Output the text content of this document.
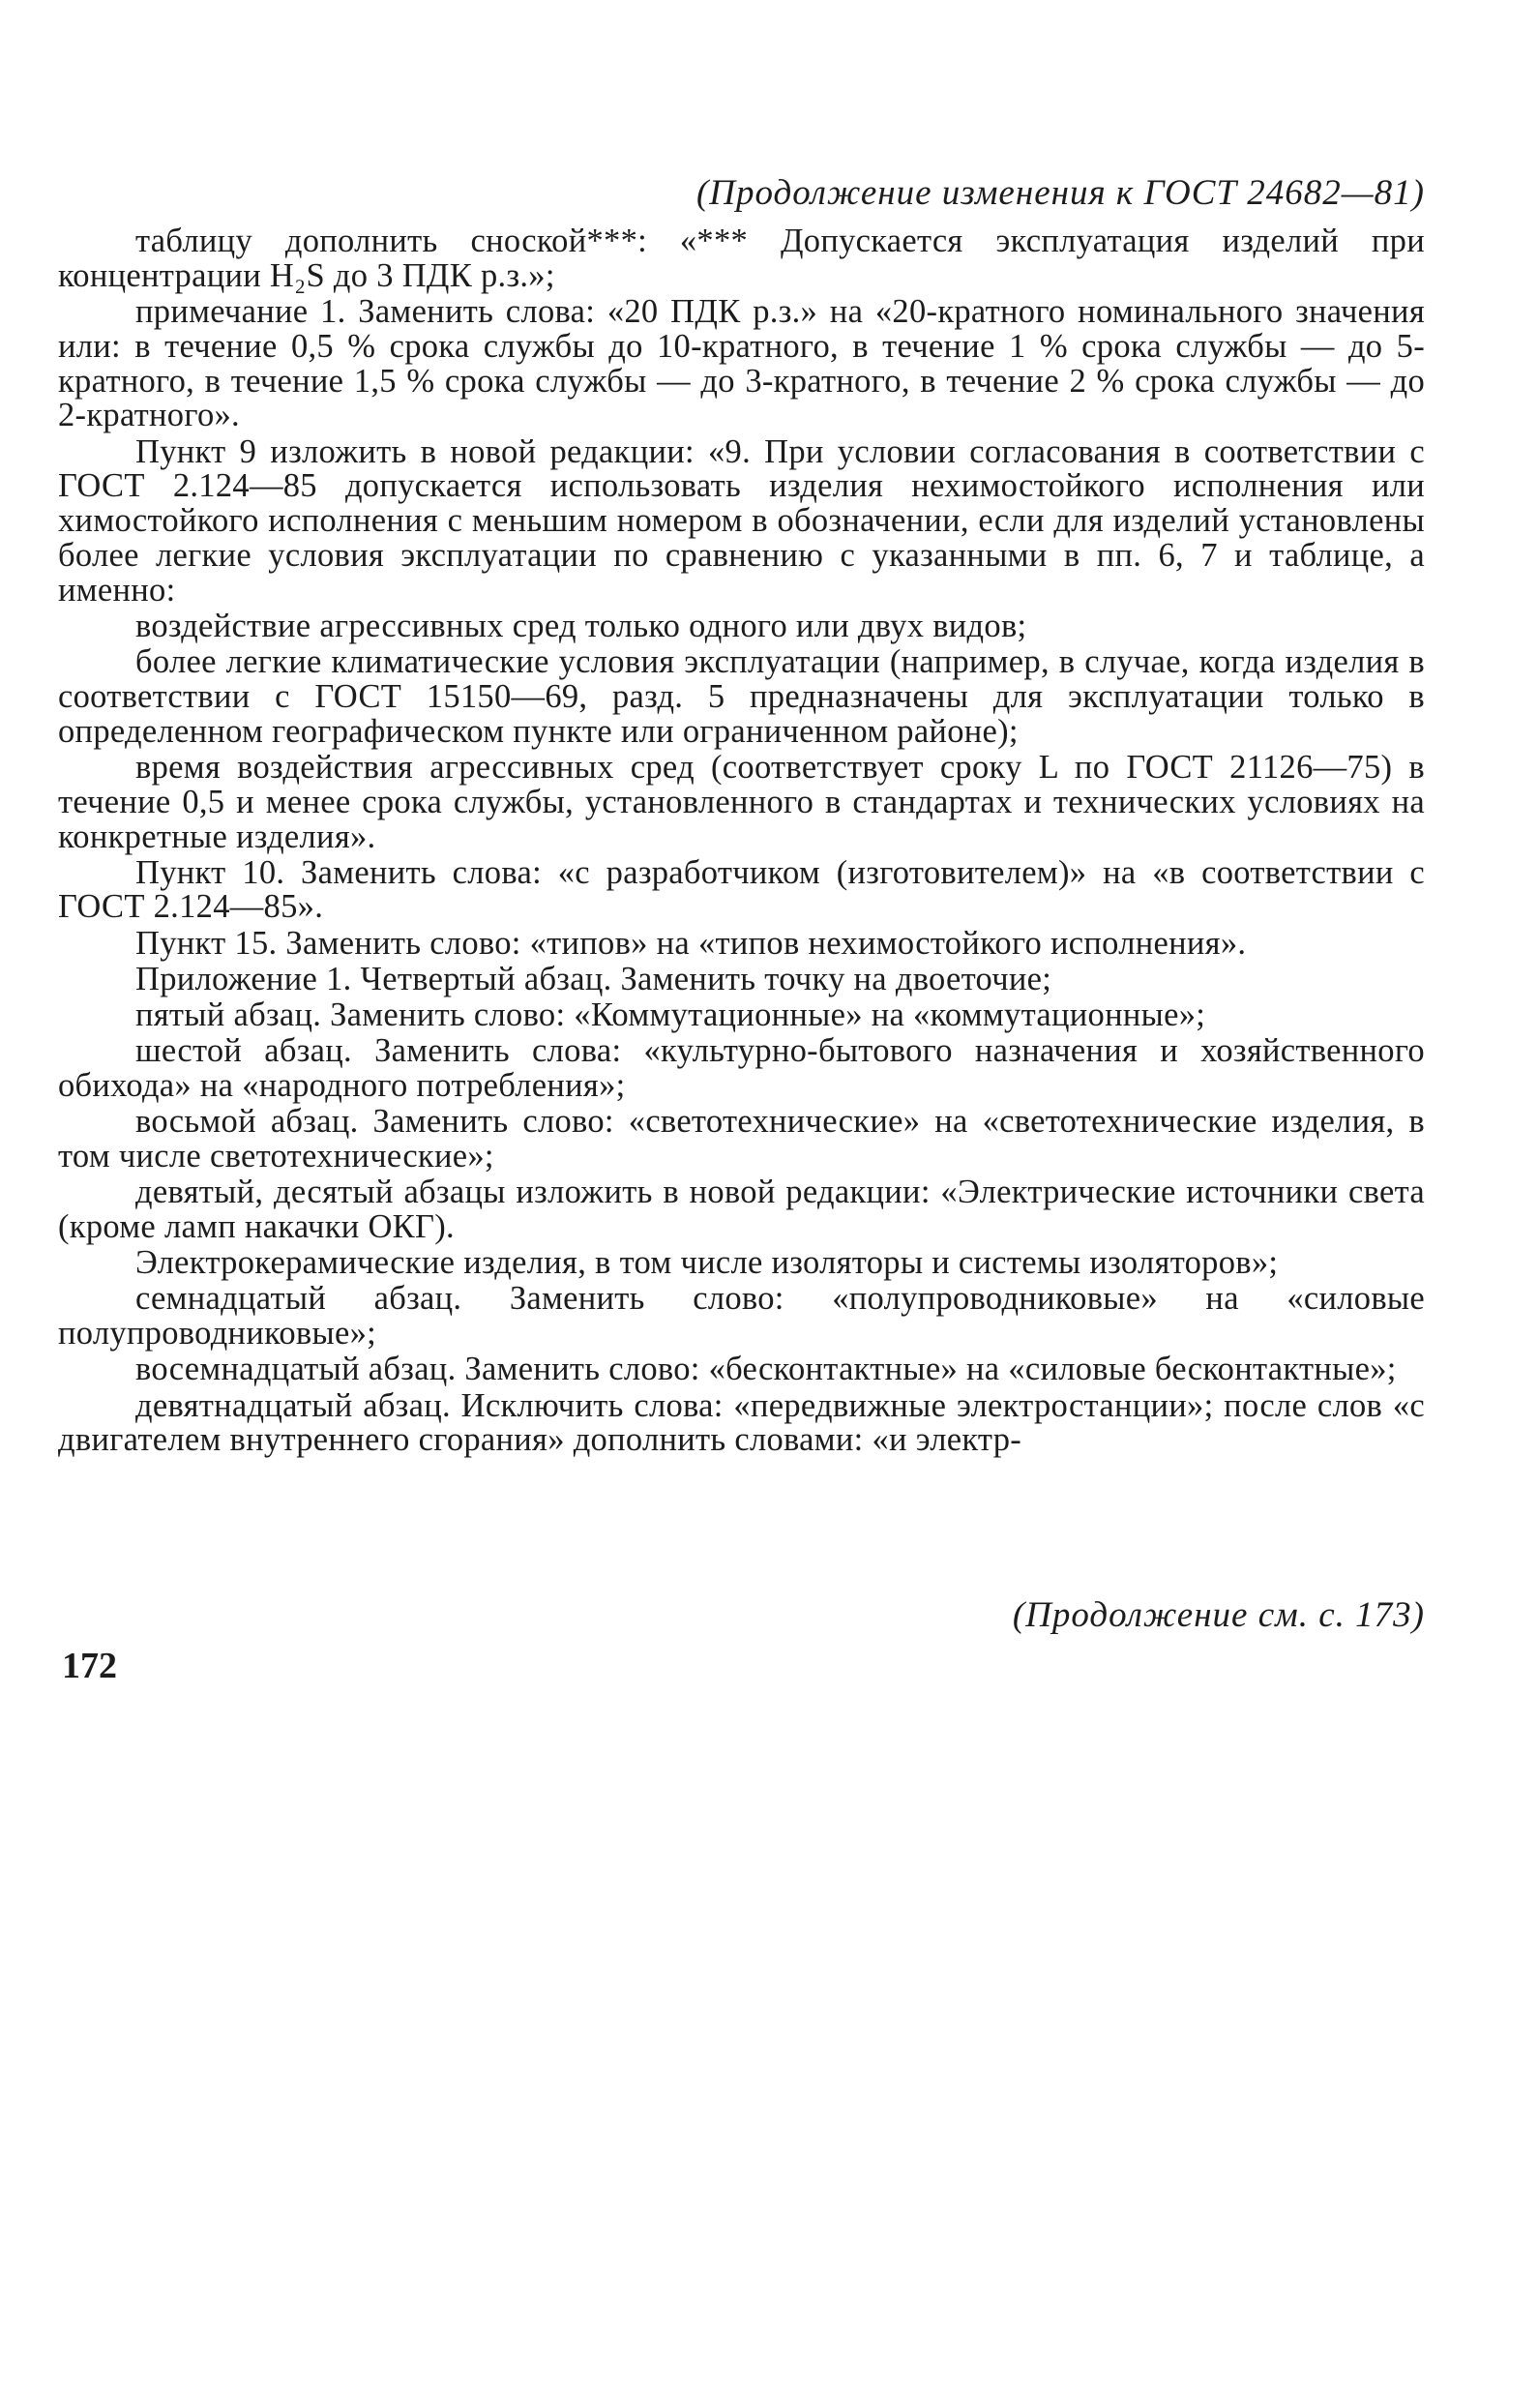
(Продолжение изменения к ГОСТ 24682—81)

таблицу дополнить сноской***: «*** Допускается эксплуатация изделий при концентрации H₂S до 3 ПДК р.з.»;

примечание 1. Заменить слова: «20 ПДК р.з.» на «20-кратного номинального значения или: в течение 0,5 % срока службы до 10-кратного, в течение 1 % срока службы — до 5-кратного, в течение 1,5 % срока службы — до 3-кратного, в течение 2 % срока службы — до 2-кратного».

Пункт 9 изложить в новой редакции: «9. При условии согласования в соответствии с ГОСТ 2.124—85 допускается использовать изделия нехимостойкого исполнения или химостойкого исполнения с меньшим номером в обозначении, если для изделий установлены более легкие условия эксплуатации по сравнению с указанными в пп. 6, 7 и таблице, а именно:

воздействие агрессивных сред только одного или двух видов;

более легкие климатические условия эксплуатации (например, в случае, когда изделия в соответствии с ГОСТ 15150—69, разд. 5 предназначены для эксплуатации только в определенном географическом пункте или ограниченном районе);

время воздействия агрессивных сред (соответствует сроку L по ГОСТ 21126—75) в течение 0,5 и менее срока службы, установленного в стандартах и технических условиях на конкретные изделия».

Пункт 10. Заменить слова: «с разработчиком (изготовителем)» на «в соответствии с ГОСТ 2.124—85».

Пункт 15. Заменить слово: «типов» на «типов нехимостойкого исполнения».

Приложение 1. Четвертый абзац. Заменить точку на двоеточие;

пятый абзац. Заменить слово: «Коммутационные» на «коммутационные»;

шестой абзац. Заменить слова: «культурно-бытового назначения и хозяйственного обихода» на «народного потребления»;

восьмой абзац. Заменить слово: «светотехнические» на «светотехнические изделия, в том числе светотехнические»;

девятый, десятый абзацы изложить в новой редакции: «Электрические источники света (кроме ламп накачки ОКГ).

Электрокерамические изделия, в том числе изоляторы и системы изоляторов»;

семнадцатый абзац. Заменить слово: «полупроводниковые» на «силовые полупроводниковые»;

восемнадцатый абзац. Заменить слово: «бесконтактные» на «силовые бесконтактные»;

девятнадцатый абзац. Исключить слова: «передвижные электростанции»; после слов «с двигателем внутреннего сгорания» дополнить словами: «и электр-

(Продолжение см. с. 173)
172
